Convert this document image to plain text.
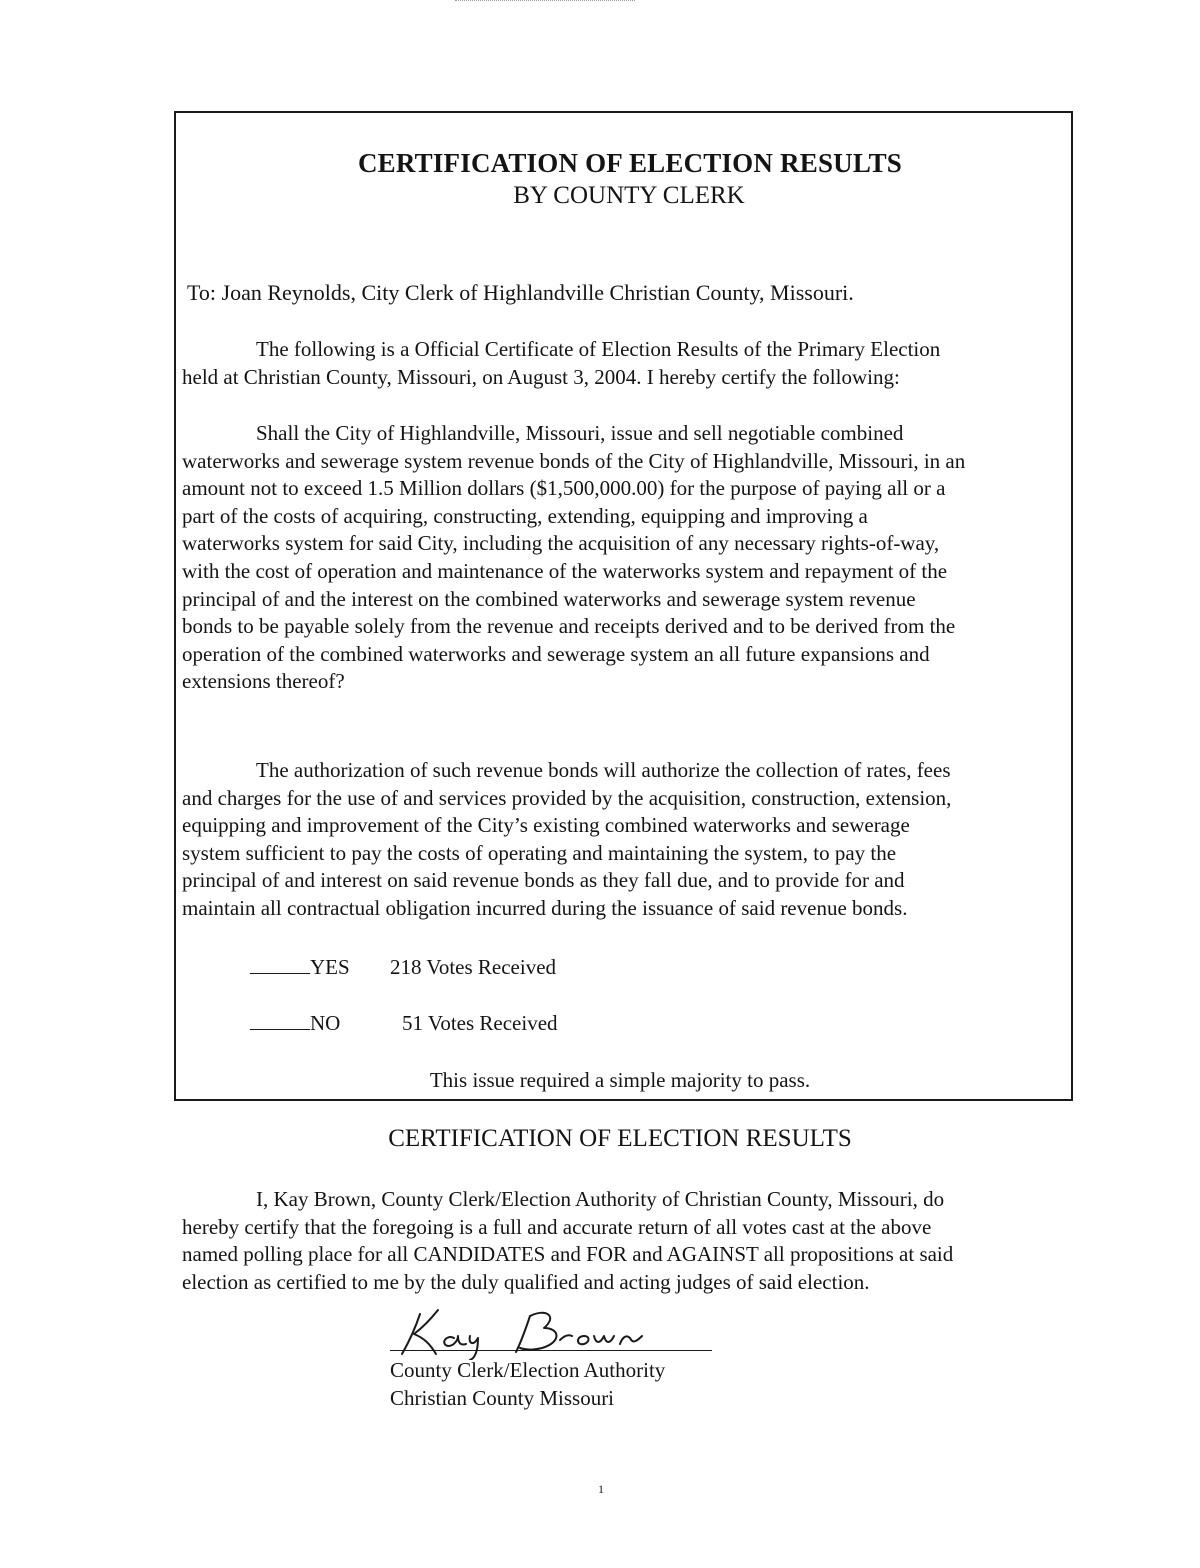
CERTIFICATION OF ELECTION RESULTS
BY COUNTY CLERK
To: Joan Reynolds, City Clerk of Highlandville Christian County, Missouri.
The following is a Official Certificate of Election Results of the Primary Election
held at Christian County, Missouri, on August 3, 2004. I hereby certify the following:
Shall the City of Highlandville, Missouri, issue and sell negotiable combined
waterworks and sewerage system revenue bonds of the City of Highlandville, Missouri, in an
amount not to exceed 1.5 Million dollars ($1,500,000.00) for the purpose of paying all or a
part of the costs of acquiring, constructing, extending, equipping and improving a
waterworks system for said City, including the acquisition of any necessary rights-of-way,
with the cost of operation and maintenance of the waterworks system and repayment of the
principal of and the interest on the combined waterworks and sewerage system revenue
bonds to be payable solely from the revenue and receipts derived and to be derived from the
operation of the combined waterworks and sewerage system an all future expansions and
extensions thereof?
The authorization of such revenue bonds will authorize the collection of rates, fees
and charges for the use of and services provided by the acquisition, construction, extension,
equipping and improvement of the City’s existing combined waterworks and sewerage
system sufficient to pay the costs of operating and maintaining the system, to pay the
principal of and interest on said revenue bonds as they fall due, and to provide for and
maintain all contractual obligation incurred during the issuance of said revenue bonds.
YES 218 Votes Received
NO	51 Votes Received
This issue required a simple majority to pass.
CERTIFICATION OF ELECTION RESULTS
I, Kay Brown, County Clerk/Election Authority of Christian County, Missouri, do
hereby certify that the foregoing is a full and accurate return of all votes cast at the above
named polling place for all CANDIDATES and FOR and AGAINST all propositions at said
election as certified to me by the duly qualified and acting judges of said election.
County Clerk/Election Authority
Christian County Missouri
1
